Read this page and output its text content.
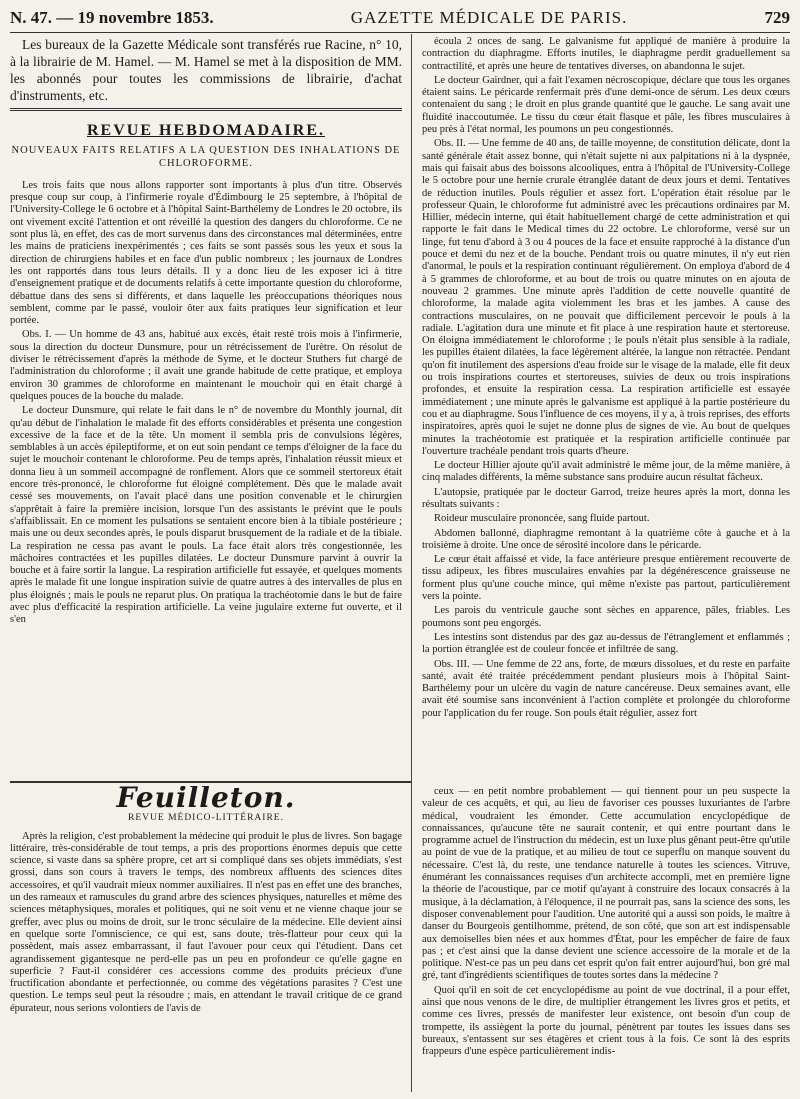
N. 47. — 19 novembre 1853.	GAZETTE MÉDICALE DE PARIS.	729

Les bureaux de la Gazette Médicale sont transférés rue Racine, n° 10, à la librairie de M. Hamel. — M. Hamel se met à la disposition de MM. les abonnés pour toutes les commissions de librairie, d'achat d'instruments, etc.

REVUE HEBDOMADAIRE.
NOUVEAUX FAITS RELATIFS A LA QUESTION DES INHALATIONS DE CHLOROFORME.

Les trois faits que nous allons rapporter sont importants à plus d'un titre. Observés presque coup sur coup, à l'infirmerie royale d'Édimbourg le 25 septembre, à l'hôpital de l'University-College le 6 octobre et à l'hôpital Saint-Barthélemy de Londres le 20 octobre, ils ont vivement excité l'attention et ont réveillé la question des dangers du chloroforme. Ce ne sont plus là, en effet, des cas de mort survenus dans des circonstances mal déterminées, entre les mains de praticiens inexpérimentés ; ces faits se sont passés sous les yeux et sous la direction de chirurgiens habiles et en face d'un public nombreux ; les journaux de Londres les ont rapportés dans tous leurs détails. Il y a donc lieu de les exposer ici à titre d'enseignement pratique et de documents relatifs à cette importante question du chloroforme, débattue dans des sens si différents, et dans laquelle les préoccupations théoriques nous semblent, comme par le passé, vouloir ôter aux faits pratiques leur signification et leur portée.

Obs. I. — Un homme de 43 ans, habitué aux excès, était resté trois mois à l'infirmerie, sous la direction du docteur Dunsmure, pour un rétrécissement de l'urètre. On résolut de diviser le rétrécissement d'après la méthode de Syme, et le docteur Stuthers fut chargé de l'administration du chloroforme ; il avait une grande habitude de cette pratique, et employa environ 30 grammes de chloroforme en maintenant le mouchoir qui en était chargé à quelques pouces de la bouche du malade.

Le docteur Dunsmure, qui relate le fait dans le n° de novembre du Monthly journal, dit qu'au début de l'inhalation le malade fit des efforts considérables et présenta une congestion excessive de la face et de la tête. Un moment il sembla pris de convulsions légères, semblables à un accès épileptiforme, et on eut soin pendant ce temps d'éloigner de la face du sujet le mouchoir contenant le chloroforme. Peu de temps après, l'inhalation réussit mieux et donna lieu à un sommeil accompagné de ronflement. Alors que ce sommeil stertoreux était encore très-prononcé, le chloroforme fut éloigné complétement. Dès que le malade avait cessé ses mouvements, on l'avait placé dans une position convenable et le chirurgien s'apprêtait à faire la première incision, lorsque l'un des assistants le prévint que le pouls s'affaiblissait. En ce moment les pulsations se sentaient encore bien à la tibiale postérieure ; mais une ou deux secondes après, le pouls disparut brusquement de la radiale et de la tibiale. La respiration ne cessa pas avant le pouls. La face était alors très congestionnée, les mâchoires contractées et les pupilles dilatées. Le docteur Dunsmure parvint à ouvrir la bouche et à faire sortir la langue. La respiration artificielle fut essayée, et quelques moments après le malade fit une longue inspiration suivie de quatre autres à des intervalles de plus en plus éloignés ; mais le pouls ne reparut plus. On pratiqua la trachéotomie dans le but de faire avec plus d'efficacité la respiration artificielle. La veine jugulaire externe fut ouverte, et il s'en

écoula 2 onces de sang. Le galvanisme fut appliqué de manière à produire la contraction du diaphragme. Efforts inutiles, le diaphragme perdit graduellement sa contractilité, et après une heure de tentatives diverses, on abandonna le sujet.

Le docteur Gairdner, qui a fait l'examen nécroscopique, déclare que tous les organes étaient sains. Le péricarde renfermait près d'une demi-once de sérum. Les deux cœurs contenaient du sang ; le droit en plus grande quantité que le gauche. Le sang avait une fluidité inaccoutumée. Le tissu du cœur était flasque et pâle, les fibres musculaires à peu près à l'état normal, les poumons un peu congestionnés.

Obs. II. — Une femme de 40 ans, de taille moyenne, de constitution délicate, dont la santé générale était assez bonne, qui n'était sujette ni aux palpitations ni à la dyspnée, mais qui faisait abus des boissons alcooliques, entra à l'hôpital de l'University-College le 5 octobre pour une hernie crurale étranglée datant de deux jours et demi. Tentatives de réduction inutiles. Pouls régulier et assez fort. L'opération était résolue par le professeur Quain, le chloroforme fut administré avec les précautions ordinaires par M. Hillier, médecin interne, qui était habituellement chargé de cette administration et qui rapporte le fait dans le Medical times du 22 octobre. Le chloroforme, versé sur un linge, fut tenu d'abord à 3 ou 4 pouces de la face et ensuite rapproché à la distance d'un pouce et demi du nez et de la bouche. Pendant trois ou quatre minutes, il n'y eut rien d'anormal, le pouls et la respiration continuant régulièrement. On employa d'abord de 4 à 5 grammes de chloroforme, et au bout de trois ou quatre minutes on en ajouta de nouveau 2 grammes. Une minute après l'addition de cette nouvelle quantité de chloroforme, la malade agita violemment les bras et les jambes. A cause des contractions musculaires, on ne pouvait que difficilement percevoir le pouls à la radiale. L'agitation dura une minute et fit place à une respiration haute et stertoreuse. On éloigna immédiatement le chloroforme ; le pouls n'était plus sensible à la radiale, les pupilles étaient dilatées, la face légèrement altérée, la langue non rétractée. Pendant qu'on fit inutilement des aspersions d'eau froide sur le visage de la malade, elle fit deux ou trois inspirations courtes et stertoreuses, suivies de deux ou trois inspirations profondes, et ensuite la respiration cessa. La respiration artificielle est essayée immédiatement ; une minute après le galvanisme est appliqué à la partie postérieure du cou et au diaphragme. Sous l'influence de ces moyens, il y a, à trois reprises, des efforts inspiratoires, après quoi le sujet ne donne plus de signes de vie. Au bout de quelques minutes la trachéotomie est pratiquée et la respiration artificielle continuée par l'ouverture trachéale pendant trois quarts d'heure.

Le docteur Hillier ajoute qu'il avait administré le même jour, de la même manière, à cinq malades différents, la même substance sans produire aucun résultat fâcheux.

L'autopsie, pratiquée par le docteur Garrod, treize heures après la mort, donna les résultats suivants :

Roideur musculaire prononcée, sang fluide partout.

Abdomen ballonné, diaphragme remontant à la quatrième côte à gauche et à la troisième à droite. Une once de sérosité incolore dans le péricarde.

Le cœur était affaissé et vide, la face antérieure presque entièrement recouverte de tissu adipeux, les fibres musculaires envahies par la dégénérescence graisseuse ne forment plus qu'une couche mince, qui même n'existe pas partout, particulièrement vers la pointe.

Les parois du ventricule gauche sont sèches en apparence, pâles, friables. Les poumons sont peu engorgés.

Les intestins sont distendus par des gaz au-dessus de l'étranglement et enflammés ; la portion étranglée est de couleur foncée et infiltrée de sang.

Obs. III. — Une femme de 22 ans, forte, de mœurs dissolues, et du reste en parfaite santé, avait été traitée précédemment pendant plusieurs mois à l'hôpital Saint-Barthélemy pour un ulcère du vagin de nature cancéreuse. Deux semaines avant, elle avait été soumise sans inconvénient à l'action complète et prolongée du chloroforme pour l'application du fer rouge. Son pouls était régulier, assez fort

Feuilleton.
REVUE MÉDICO-LITTÉRAIRE.

Après la religion, c'est probablement la médecine qui produit le plus de livres. Son bagage littéraire, très-considérable de tout temps, a pris des proportions énormes depuis que cette science, si vaste dans sa sphère propre, cet art si compliqué dans ses objets immédiats, s'est grossi, dans son cours à travers le temps, des nombreux affluents des sciences dites accessoires, et qu'il vaudrait mieux nommer auxiliaires. Il n'est pas en effet une des branches, un des rameaux et ramuscules du grand arbre des sciences physiques, naturelles et même des sciences métaphysiques, morales et politiques, qui ne soit venu et ne vienne chaque jour se greffer, avec plus ou moins de droit, sur le tronc séculaire de la médecine. Elle devient ainsi en quelque sorte l'omniscience, ce qui est, sans doute, très-flatteur pour ceux qui la possèdent, mais assez embarrassant, il faut l'avouer pour ceux qui l'étudient. Dans cet agrandissement gigantesque ne perd-elle pas un peu en profondeur ce qu'elle gagne en superficie ? Faut-il considérer ces accessions comme des produits précieux d'une fructification abondante et perfectionnée, ou comme des végétations parasites ? C'est une question. Le temps seul peut la résoudre ; mais, en attendant le travail critique de ce grand épurateur, nous serions volontiers de l'avis de

ceux — en petit nombre probablement — qui tiennent pour un peu suspecte la valeur de ces acquêts, et qui, au lieu de favoriser ces pousses luxuriantes de l'arbre médical, voudraient les émonder. Cette accumulation encyclopédique de connaissances, qu'aucune tête ne saurait contenir, et qui entre pourtant dans le programme actuel de l'instruction du médecin, est un luxe plus gênant peut-être qu'utile au point de vue de la pratique, et au milieu de tout ce superflu on manque souvent du nécessaire. C'est là, du reste, une tendance naturelle à toutes les sciences. Vitruve, énumérant les connaissances requises d'un architecte accompli, met en première ligne la théorie de l'acoustique, par ce motif qu'ayant à construire des locaux consacrés à la musique, à la déclamation, à l'éloquence, il ne pourrait pas, sans la science des sons, les disposer convenablement pour l'audition. Une autorité qui a aussi son poids, le maître à danser du Bourgeois gentilhomme, prétend, de son côté, que son art est indispensable aux demoiselles bien nées et aux hommes d'État, pour les empêcher de faire de faux pas ; et c'est ainsi que la danse devient une science accessoire de la morale et de la politique. N'est-ce pas un peu dans cet esprit qu'on fait entrer aujourd'hui, bon gré mal gré, tant d'ingrédients scientifiques de toutes sortes dans la médecine ?

Quoi qu'il en soit de cet encyclopédisme au point de vue doctrinal, il a pour effet, ainsi que nous venons de le dire, de multiplier étrangement les livres gros et petits, et comme ces livres, pressés de manifester leur existence, ont besoin d'un coup de trompette, ils assiègent la porte du journal, pénètrent par toutes les issues dans ses bureaux, s'entassent sur ses étagères et crient tous à la fois. Ce sont là des esprits frappeurs d'une espèce particulièrement indis-
